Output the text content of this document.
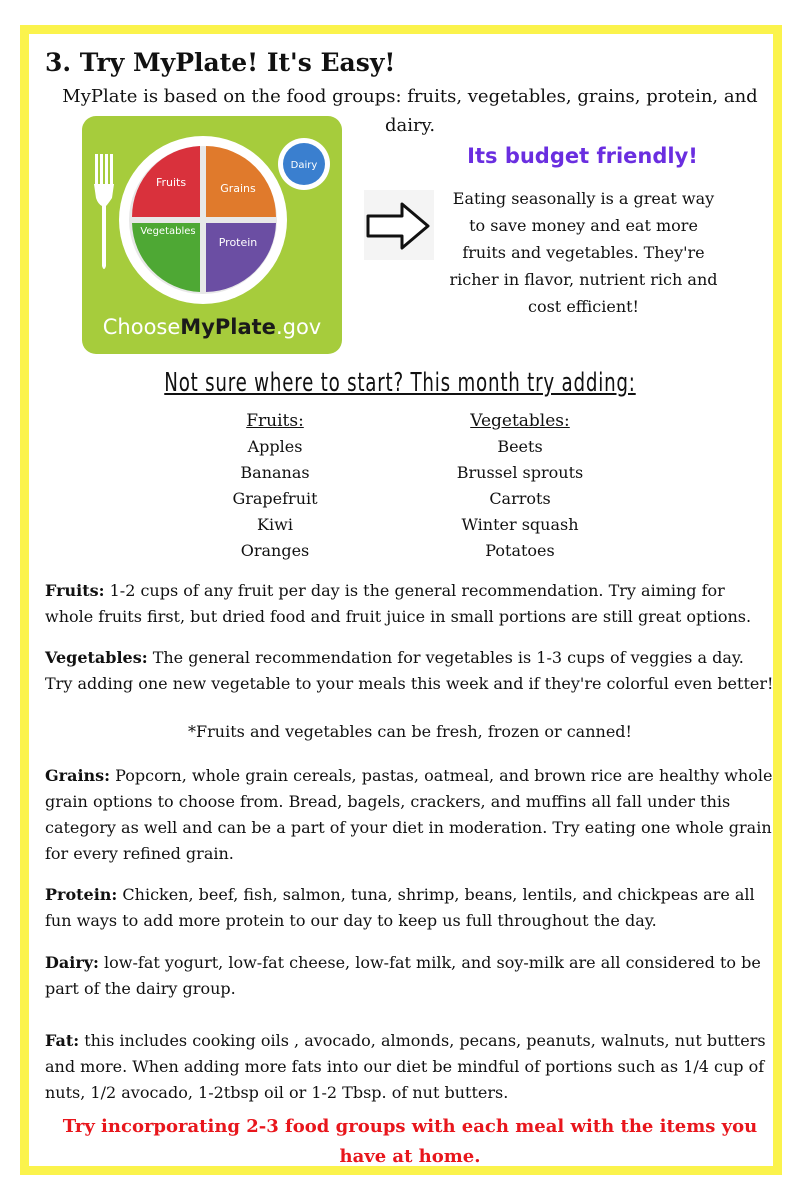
3. Try MyPlate! It's Easy!
MyPlate is based on the food groups: fruits, vegetables, grains, protein, and dairy.
Fruits	Grains
Vegetables
Protein
Dairy
ChooseMyPlate.gov
Its budget friendly!
Eating seasonally is a great way to save money and eat more fruits and vegetables. They're richer in flavor, nutrient rich and cost efficient!
Not sure where to start? This month try adding:
Fruits:
Apples
Bananas
Grapefruit
Kiwi
Oranges
Vegetables:
Beets
Brussel sprouts
Carrots
Winter squash
Potatoes
Fruits: 1-2 cups of any fruit per day is the general recommendation. Try aiming for whole fruits first, but dried food and fruit juice in small portions are still great options.
Vegetables: The general recommendation for vegetables is 1-3 cups of veggies a day. Try adding one new vegetable to your meals this week and if they're colorful even better!
*Fruits and vegetables can be fresh, frozen or canned!
Grains: Popcorn, whole grain cereals, pastas, oatmeal, and brown rice are healthy whole grain options to choose from. Bread, bagels, crackers, and muffins all fall under this category as well and can be a part of your diet in moderation. Try eating one whole grain for every refined grain.
Protein: Chicken, beef, fish, salmon, tuna, shrimp, beans, lentils, and chickpeas are all fun ways to add more protein to our day to keep us full throughout the day.
Dairy: low-fat yogurt, low-fat cheese, low-fat milk, and soy-milk are all considered to be part of the dairy group.
Fat: this includes cooking oils , avocado, almonds, pecans, peanuts, walnuts, nut butters and more. When adding more fats into our diet be mindful of portions such as 1/4 cup of nuts, 1/2 avocado, 1-2tbsp oil or 1-2 Tbsp. of nut butters.
Try incorporating 2-3 food groups with each meal with the items you have at home.
